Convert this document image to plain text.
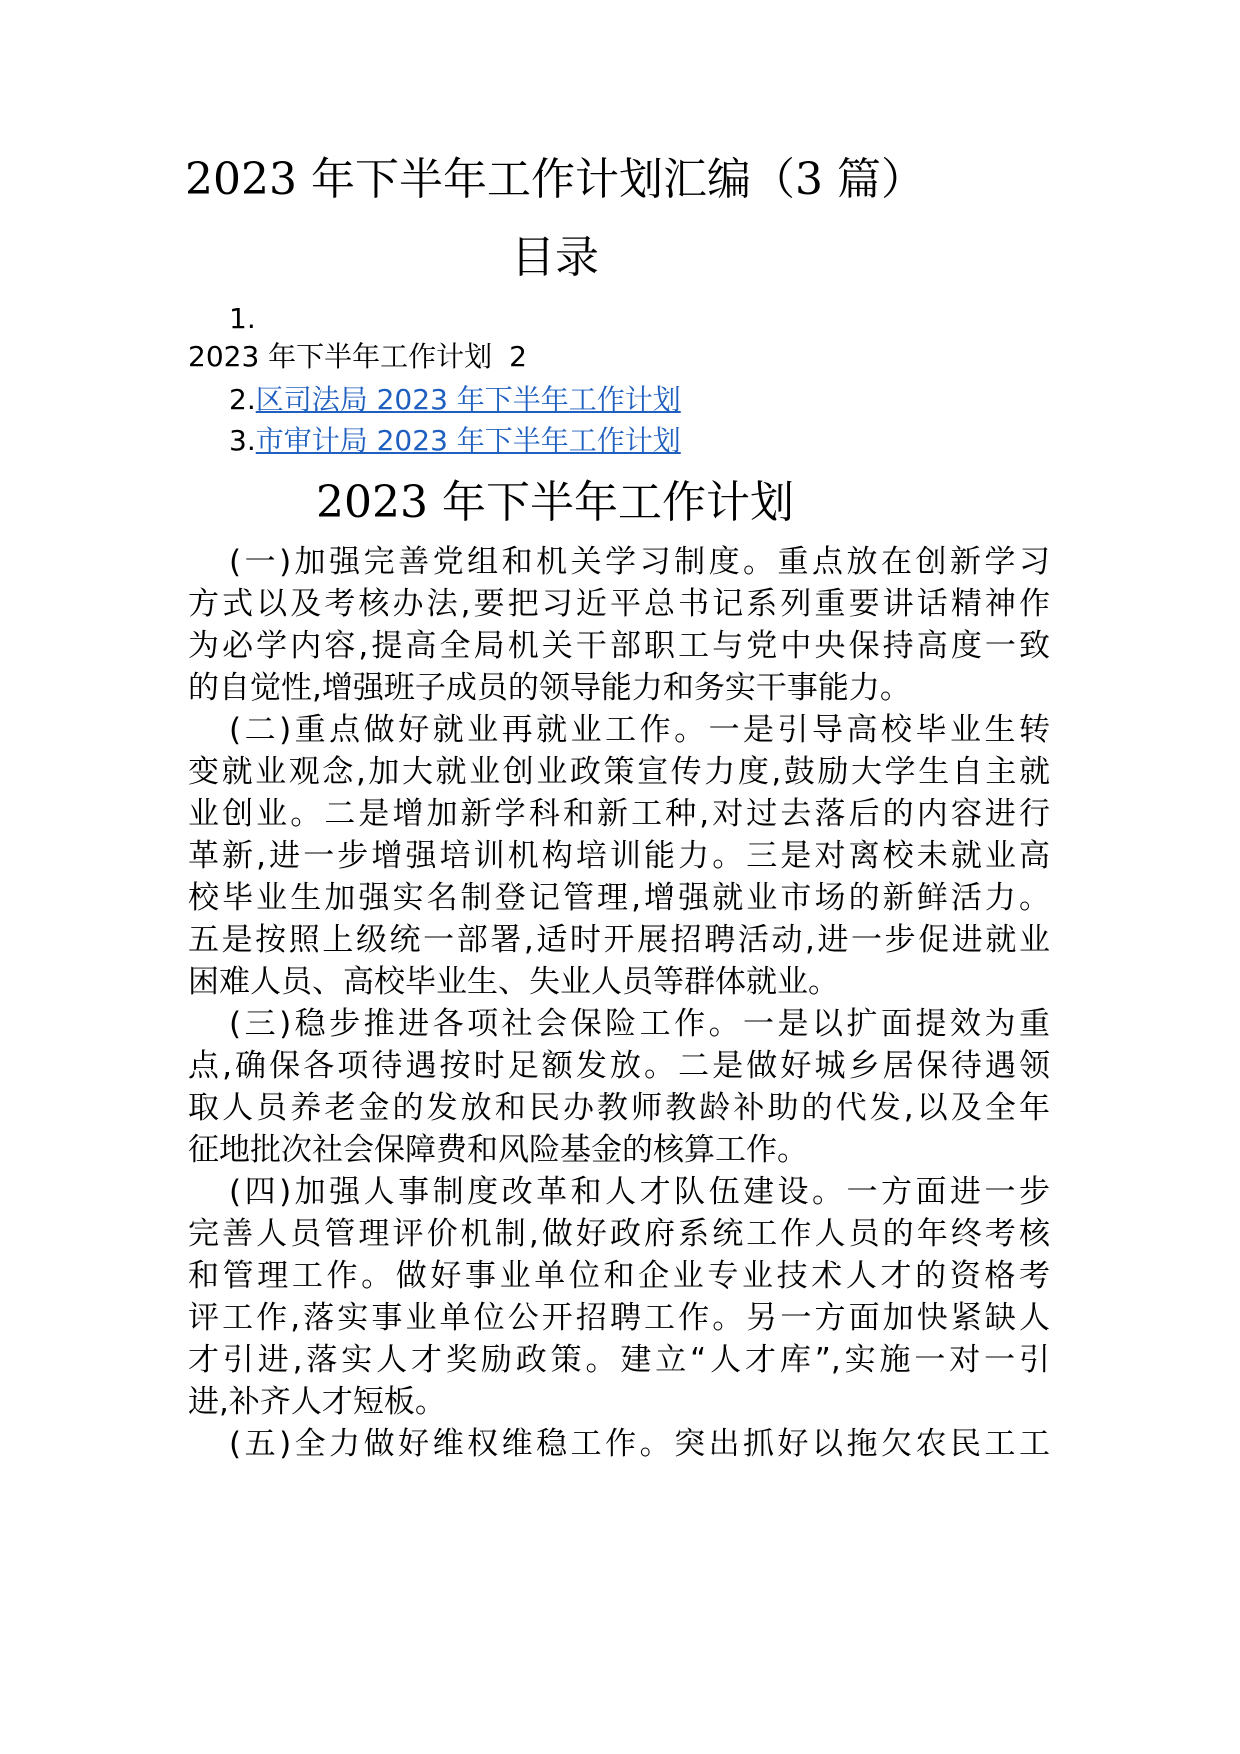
2023 年下半年工作计划汇编（3 篇）
目录
1.
2023 年下半年工作计划 2
2.区司法局 2023 年下半年工作计划
3.市审计局 2023 年下半年工作计划
2023 年下半年工作计划
(一)加强完善党组和机关学习制度。重点放在创新学习
方式以及考核办法,要把习近平总书记系列重要讲话精神作
为必学内容,提高全局机关干部职工与党中央保持高度一致
的自觉性,增强班子成员的领导能力和务实干事能力。
(二)重点做好就业再就业工作。一是引导高校毕业生转
变就业观念,加大就业创业政策宣传力度,鼓励大学生自主就
业创业。二是增加新学科和新工种,对过去落后的内容进行
革新,进一步增强培训机构培训能力。三是对离校未就业高
校毕业生加强实名制登记管理,增强就业市场的新鲜活力。
五是按照上级统一部署,适时开展招聘活动,进一步促进就业
困难人员、高校毕业生、失业人员等群体就业。
(三)稳步推进各项社会保险工作。一是以扩面提效为重
点,确保各项待遇按时足额发放。二是做好城乡居保待遇领
取人员养老金的发放和民办教师教龄补助的代发,以及全年
征地批次社会保障费和风险基金的核算工作。
(四)加强人事制度改革和人才队伍建设。一方面进一步
完善人员管理评价机制,做好政府系统工作人员的年终考核
和管理工作。做好事业单位和企业专业技术人才的资格考
评工作,落实事业单位公开招聘工作。另一方面加快紧缺人
才引进,落实人才奖励政策。建立“人才库”,实施一对一引
进,补齐人才短板。
(五)全力做好维权维稳工作。突出抓好以拖欠农民工工
